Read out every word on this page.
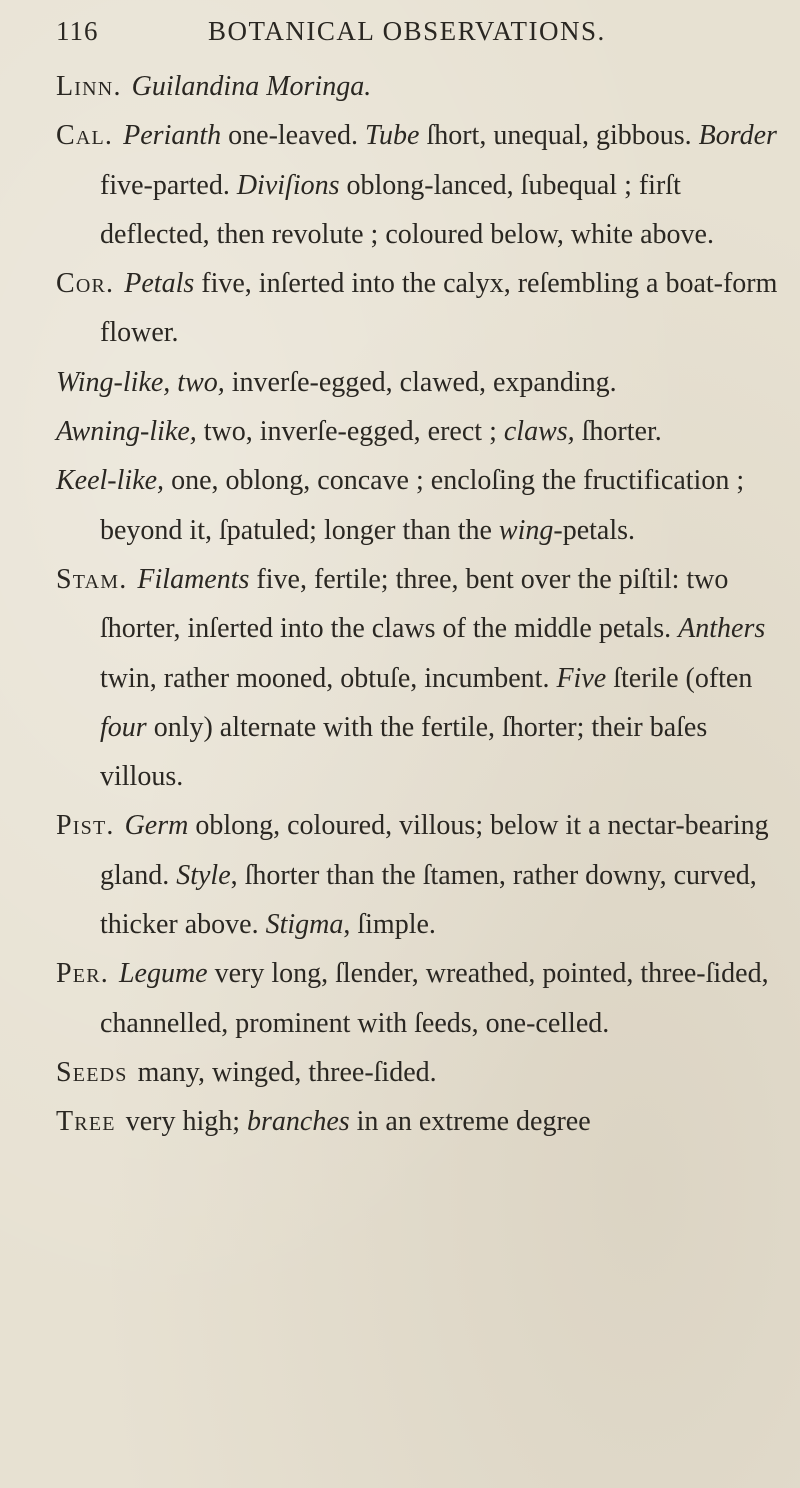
116	BOTANICAL OBSERVATIONS.

Linn. Guilandina Moringa.

Cal. Perianth one-leaved. Tube ſhort, unequal, gibbous. Border five-parted. Diviſions oblong-lanced, ſubequal ; firſt deflected, then revolute ; coloured below, white above.

Cor. Petals five, inſerted into the calyx, reſembling a boat-form flower.

Wing-like, two, inverſe-egged, clawed, expanding.

Awning-like, two, inverſe-egged, erect ; claws, ſhorter.

Keel-like, one, oblong, concave ; encloſing the fructification ; beyond it, ſpatuled; longer than the wing-petals.

Stam. Filaments five, fertile; three, bent over the piſtil: two ſhorter, inſerted into the claws of the middle petals. Anthers twin, rather mooned, obtuſe, incumbent. Five ſterile (often four only) alternate with the fertile, ſhorter; their baſes villous.

Pist. Germ oblong, coloured, villous; below it a nectar-bearing gland. Style, ſhorter than the ſtamen, rather downy, curved, thicker above. Stigma, ſimple.

Per. Legume very long, ſlender, wreathed, pointed, three-ſided, channelled, prominent with ſeeds, one-celled.

Seeds many, winged, three-ſided.

Tree very high; branches in an extreme degree
